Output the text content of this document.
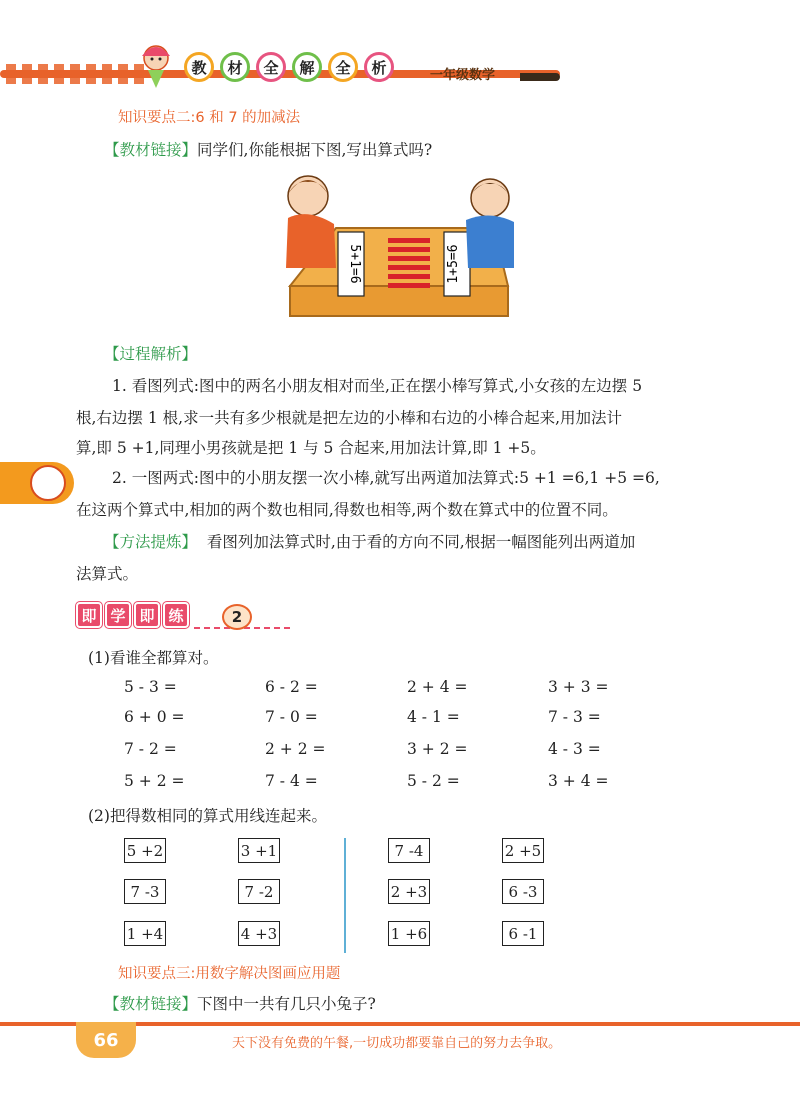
教	材	全	解	全	析	一年级数学
知识要点二:6 和 7 的加减法
【教材链接】同学们,你能根据下图,写出算式吗?
5+1=6	1+5=6
【过程解析】
1. 看图列式:图中的两名小朋友相对而坐,正在摆小棒写算式,小女孩的左边摆 5
根,右边摆 1 根,求一共有多少根就是把左边的小棒和右边的小棒合起来,用加法计
算,即 5 +1,同理小男孩就是把 1 与 5 合起来,用加法计算,即 1 +5。
2. 一图两式:图中的小朋友摆一次小棒,就写出两道加法算式:5 +1 =6,1 +5 =6,
在这两个算式中,相加的两个数也相同,得数也相等,两个数在算式中的位置不同。
【方法提炼】 看图列加法算式时,由于看的方向不同,根据一幅图能列出两道加
法算式。
即 学 即 练	2
(1)看谁全都算对。
5 - 3 =	6 - 2 =	2 + 4 =	3 + 3 =
6 + 0 =	7 - 0 =	4 - 1 =	7 - 3 =
7 - 2 =	2 + 2 =	3 + 2 =	4 - 3 =
5 + 2 =	7 - 4 =	5 - 2 =	3 + 4 =
(2)把得数相同的算式用线连起来。
5 +2	3 +1	7 -4	2 +5
7 -3	7 -2	2 +3	6 -3
1 +4	4 +3	1 +6	6 -1
知识要点三:用数字解决图画应用题
【教材链接】下图中一共有几只小兔子?
66	天下没有免费的午餐,一切成功都要靠自己的努力去争取。
